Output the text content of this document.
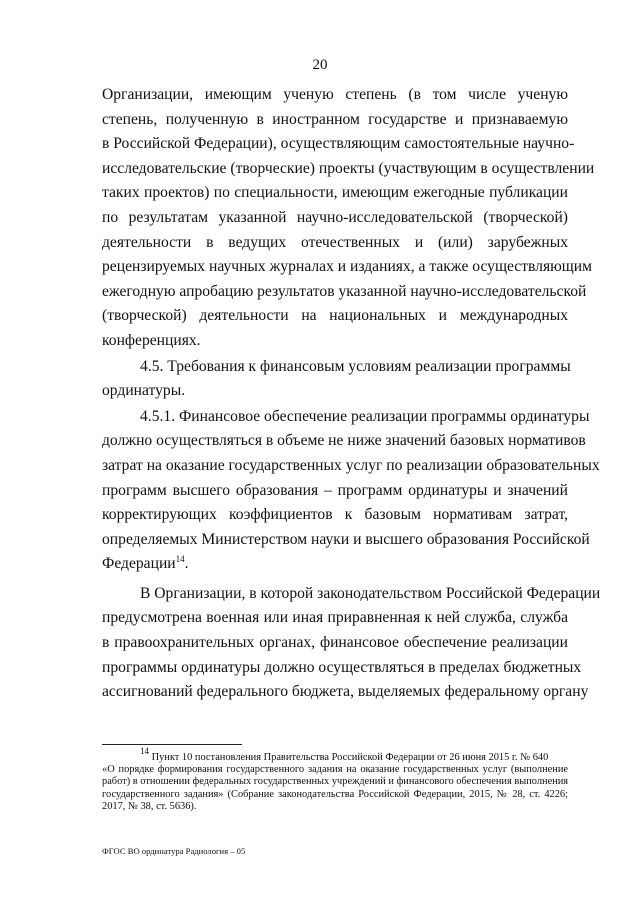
20
Организации, имеющим ученую степень (в том числе ученую
степень, полученную в иностранном государстве и признаваемую
в Российской Федерации), осуществляющим самостоятельные научно-
исследовательские (творческие) проекты (участвующим в осуществлении
таких проектов) по специальности, имеющим ежегодные публикации
по результатам указанной научно-исследовательской (творческой)
деятельности в ведущих отечественных и (или) зарубежных
рецензируемых научных журналах и изданиях, а также осуществляющим
ежегодную апробацию результатов указанной научно-исследовательской
(творческой) деятельности на национальных и международных
конференциях.
4.5. Требования к финансовым условиям реализации программы
ординатуры.
4.5.1. Финансовое обеспечение реализации программы ординатуры
должно осуществляться в объеме не ниже значений базовых нормативов
затрат на оказание государственных услуг по реализации образовательных
программ высшего образования – программ ординатуры и значений
корректирующих коэффициентов к базовым нормативам затрат,
определяемых Министерством науки и высшего образования Российской
Федерации$^{14}$.
В Организации, в которой законодательством Российской Федерации
предусмотрена военная или иная приравненная к ней служба, служба
в правоохранительных органах, финансовое обеспечение реализации
программы ординатуры должно осуществляться в пределах бюджетных
ассигнований федерального бюджета, выделяемых федеральному органу
$^{14}$ Пункт 10 постановления Правительства Российской Федерации от 26 июня 2015 г. № 640
«О порядке формирования государственного задания на оказание государственных услуг (выполнение
работ) в отношении федеральных государственных учреждений и финансового обеспечения выполнения
государственного задания» (Собрание законодательства Российской Федерации, 2015, № 28, ст. 4226;
2017, № 38, ст. 5636).
ФГОС ВО ординатура Радиология – 05
